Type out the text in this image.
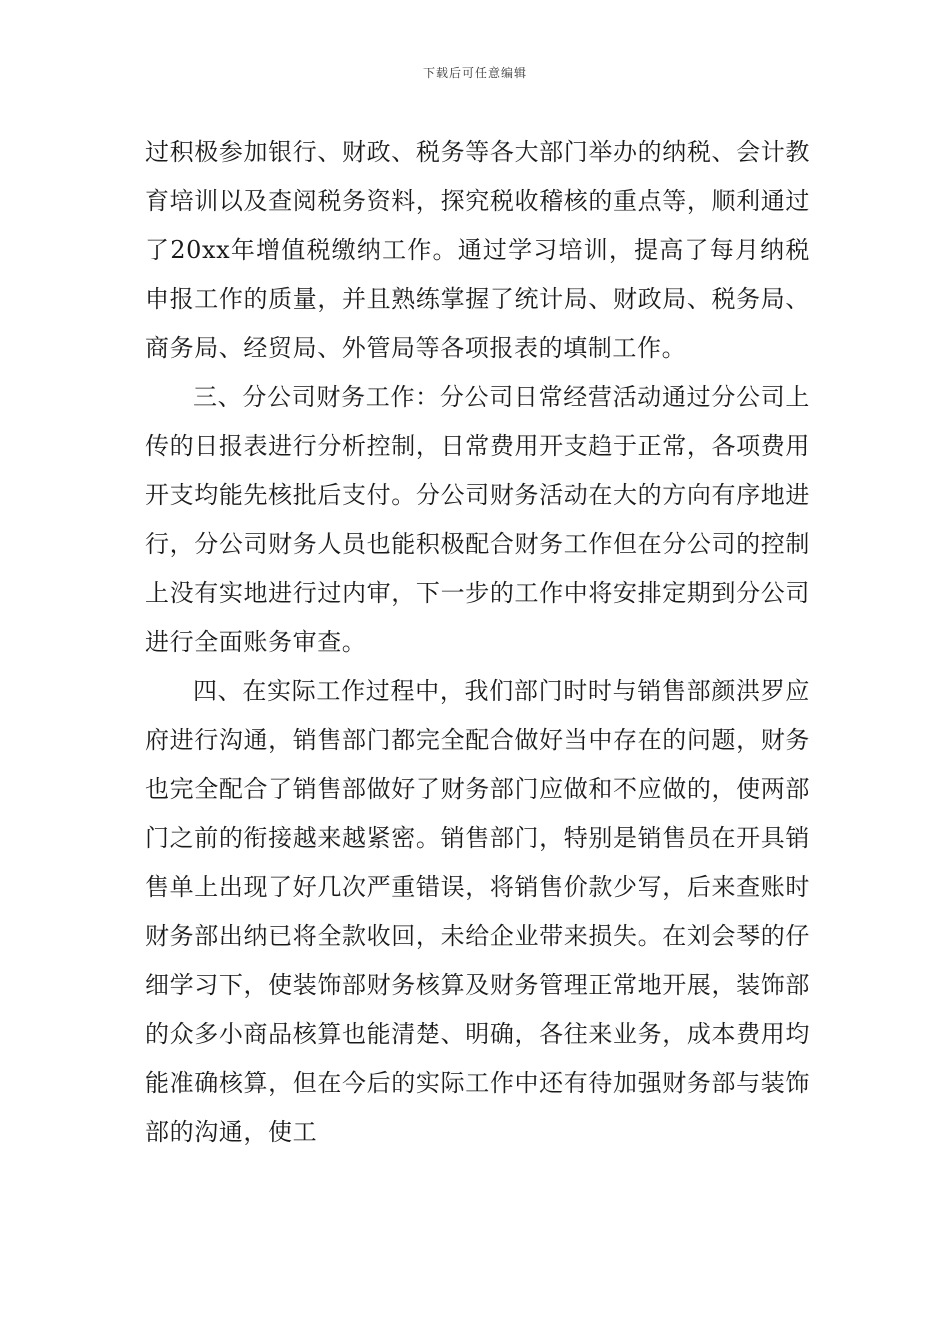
下载后可任意编辑

过积极参加银行、财政、税务等各大部门举办的纳税、会计教育培训以及查阅税务资料，探究税收稽核的重点等，顺利通过了20xx年增值税缴纳工作。通过学习培训，提高了每月纳税申报工作的质量，并且熟练掌握了统计局、财政局、税务局、商务局、经贸局、外管局等各项报表的填制工作。

三、分公司财务工作：分公司日常经营活动通过分公司上传的日报表进行分析控制，日常费用开支趋于正常，各项费用开支均能先核批后支付。分公司财务活动在大的方向有序地进行，分公司财务人员也能积极配合财务工作但在分公司的控制上没有实地进行过内审，下一步的工作中将安排定期到分公司进行全面账务审查。

四、在实际工作过程中，我们部门时时与销售部颜洪罗应府进行沟通，销售部门都完全配合做好当中存在的问题，财务也完全配合了销售部做好了财务部门应做和不应做的，使两部门之前的衔接越来越紧密。销售部门，特别是销售员在开具销售单上出现了好几次严重错误，将销售价款少写，后来查账时财务部出纳已将全款收回，未给企业带来损失。在刘会琴的仔细学习下，使装饰部财务核算及财务管理正常地开展，装饰部的众多小商品核算也能清楚、明确，各往来业务，成本费用均能准确核算，但在今后的实际工作中还有待加强财务部与装饰部的沟通，使工
